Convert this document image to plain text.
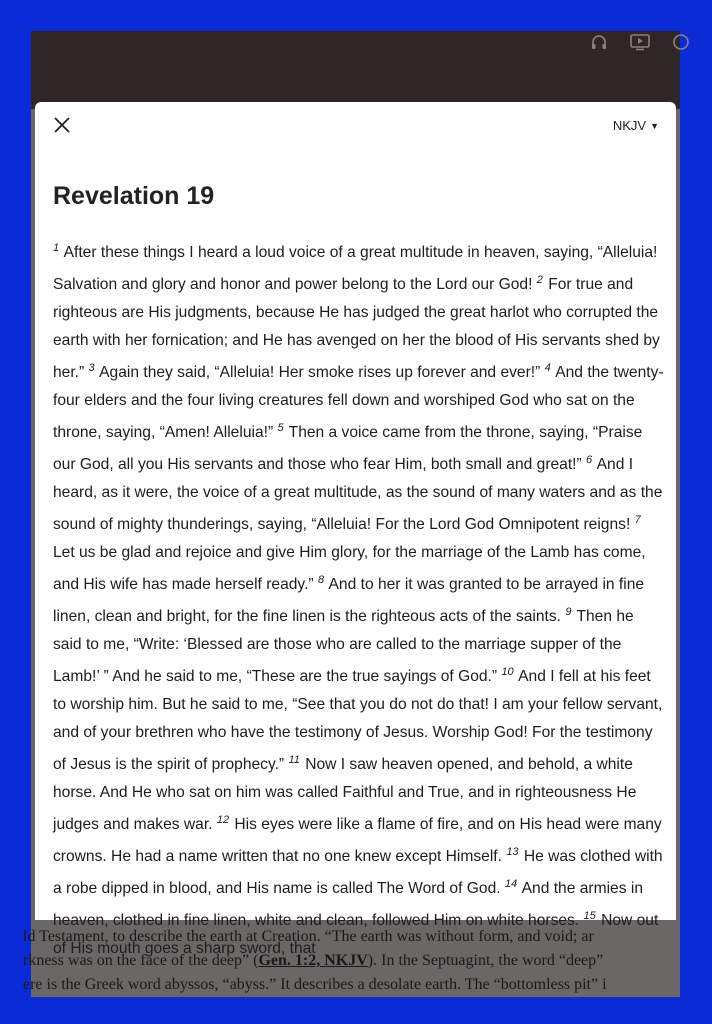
ld Testament, to describe the earth at Creation. “The earth was without form, and void; ar
rkness was on the face of the deep” (Gen. 1:2, NKJV). In the Septuagint, the word “deep”
ere is the Greek word abyssos, “abyss.” It describes a desolate earth. The “bottomless pit” i
NKJV ▼
Revelation 19

$^1$ After these things I heard a loud voice of a great multitude in heaven, saying, “Alleluia! Salvation and glory and honor and power belong to the Lord our God! $^2$ For true and righteous are His judgments, because He has judged the great harlot who corrupted the earth with her fornication; and He has avenged on her the blood of His servants shed by her.” $^3$ Again they said, “Alleluia! Her smoke rises up forever and ever!” $^4$ And the twenty-four elders and the four living creatures fell down and worshiped God who sat on the throne, saying, “Amen! Alleluia!” $^5$ Then a voice came from the throne, saying, “Praise our God, all you His servants and those who fear Him, both small and great!” $^6$ And I heard, as it were, the voice of a great multitude, as the sound of many waters and as the sound of mighty thunderings, saying, “Alleluia! For the Lord God Omnipotent reigns! $^7$ Let us be glad and rejoice and give Him glory, for the marriage of the Lamb has come, and His wife has made herself ready.” $^8$ And to her it was granted to be arrayed in fine linen, clean and bright, for the fine linen is the righteous acts of the saints. $^9$ Then he said to me, “Write: ‘Blessed are those who are called to the marriage supper of the Lamb!’ ” And he said to me, “These are the true sayings of God.” $^{10}$ And I fell at his feet to worship him. But he said to me, “See that you do not do that! I am your fellow servant, and of your brethren who have the testimony of Jesus. Worship God! For the testimony of Jesus is the spirit of prophecy.” $^{11}$ Now I saw heaven opened, and behold, a white horse. And He who sat on him was called Faithful and True, and in righteousness He judges and makes war. $^{12}$ His eyes were like a flame of fire, and on His head were many crowns. He had a name written that no one knew except Himself. $^{13}$ He was clothed with a robe dipped in blood, and His name is called The Word of God. $^{14}$ And the armies in heaven, clothed in fine linen, white and clean, followed Him on white horses. $^{15}$ Now out of His mouth goes a sharp sword, that
